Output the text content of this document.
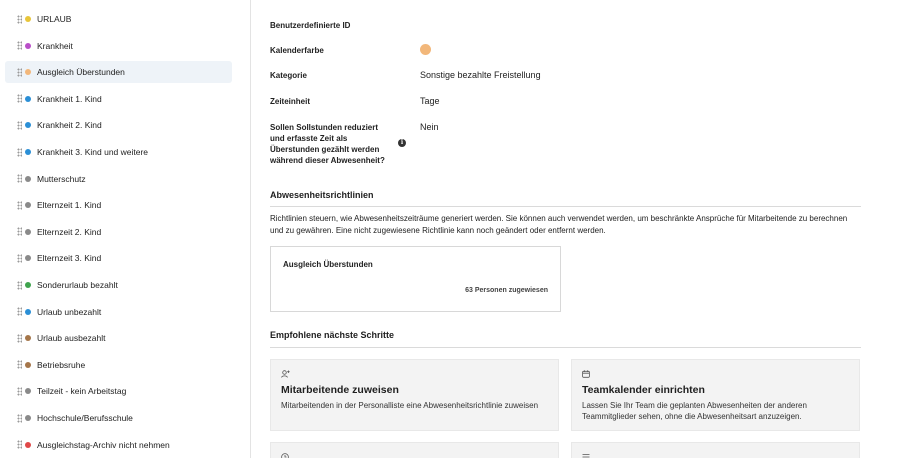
URLAUB
Krankheit
Ausgleich Überstunden
Krankheit 1. Kind
Krankheit 2. Kind
Krankheit 3. Kind und weitere
Mutterschutz
Elternzeit 1. Kind
Elternzeit 2. Kind
Elternzeit 3. Kind
Sonderurlaub bezahlt
Urlaub unbezahlt
Urlaub ausbezahlt
Betriebsruhe
Teilzeit - kein Arbeitstag
Hochschule/Berufsschule
Ausgleichstag-Archiv nicht nehmen
Benutzerdefinierte ID
Kalenderfarbe
Kategorie	Sonstige bezahlte Freistellung
Zeiteinheit	Tage
Sollen Sollstunden reduziert
und erfasste Zeit als
Überstunden gezählt werden
während dieser Abwesenheit?
i
Nein
Abwesenheitsrichtlinien
Richtlinien steuern, wie Abwesenheitszeiträume generiert werden. Sie können auch verwendet werden, um beschränkte Ansprüche für Mitarbeitende zu berechnen und zu gewähren. Eine nicht zugewiesene Richtlinie kann noch geändert oder entfernt werden.
Ausgleich Überstunden
63 Personen zugewiesen
Empfohlene nächste Schritte
Mitarbeitende zuweisen
Mitarbeitenden in der Personalliste eine Abwesenheitsrichtlinie zuweisen
Teamkalender einrichten
Lassen Sie Ihr Team die geplanten Abwesenheiten der anderen Teammitglieder sehen, ohne die Abwesenheitsart anzuzeigen.
